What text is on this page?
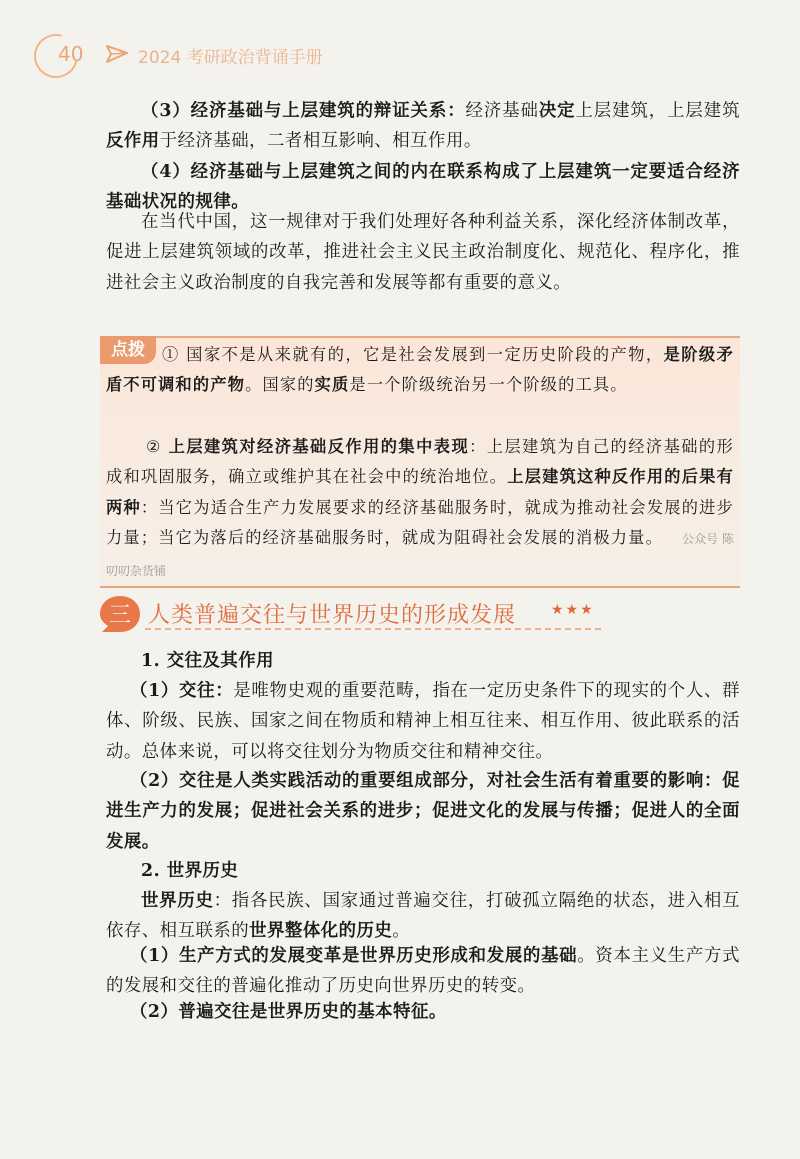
40	2024 考研政治背诵手册

（3）经济基础与上层建筑的辩证关系：经济基础决定上层建筑，上层建筑反作用于经济基础，二者相互影响、相互作用。

（4）经济基础与上层建筑之间的内在联系构成了上层建筑一定要适合经济基础状况的规律。

在当代中国，这一规律对于我们处理好各种利益关系，深化经济体制改革，促进上层建筑领域的改革，推进社会主义民主政治制度化、规范化、程序化，推进社会主义政治制度的自我完善和发展等都有重要的意义。

点拨	① 国家不是从来就有的，它是社会发展到一定历史阶段的产物，是阶级矛盾不可调和的产物。国家的实质是一个阶级统治另一个阶级的工具。

② 上层建筑对经济基础反作用的集中表现：上层建筑为自己的经济基础的形成和巩固服务，确立或维护其在社会中的统治地位。上层建筑这种反作用的后果有两种：当它为适合生产力发展要求的经济基础服务时，就成为推动社会发展的进步力量；当它为落后的经济基础服务时，就成为阻碍社会发展的消极力量。 公众号 陈叨叨杂货铺

三 人类普遍交往与世界历史的形成发展 ★★★

1. 交往及其作用

（1）交往：是唯物史观的重要范畴，指在一定历史条件下的现实的个人、群体、阶级、民族、国家之间在物质和精神上相互往来、相互作用、彼此联系的活动。总体来说，可以将交往划分为物质交往和精神交往。

（2）交往是人类实践活动的重要组成部分，对社会生活有着重要的影响：促进生产力的发展；促进社会关系的进步；促进文化的发展与传播；促进人的全面发展。

2. 世界历史

世界历史：指各民族、国家通过普遍交往，打破孤立隔绝的状态，进入相互依存、相互联系的世界整体化的历史。

（1）生产方式的发展变革是世界历史形成和发展的基础。资本主义生产方式的发展和交往的普遍化推动了历史向世界历史的转变。

（2）普遍交往是世界历史的基本特征。
